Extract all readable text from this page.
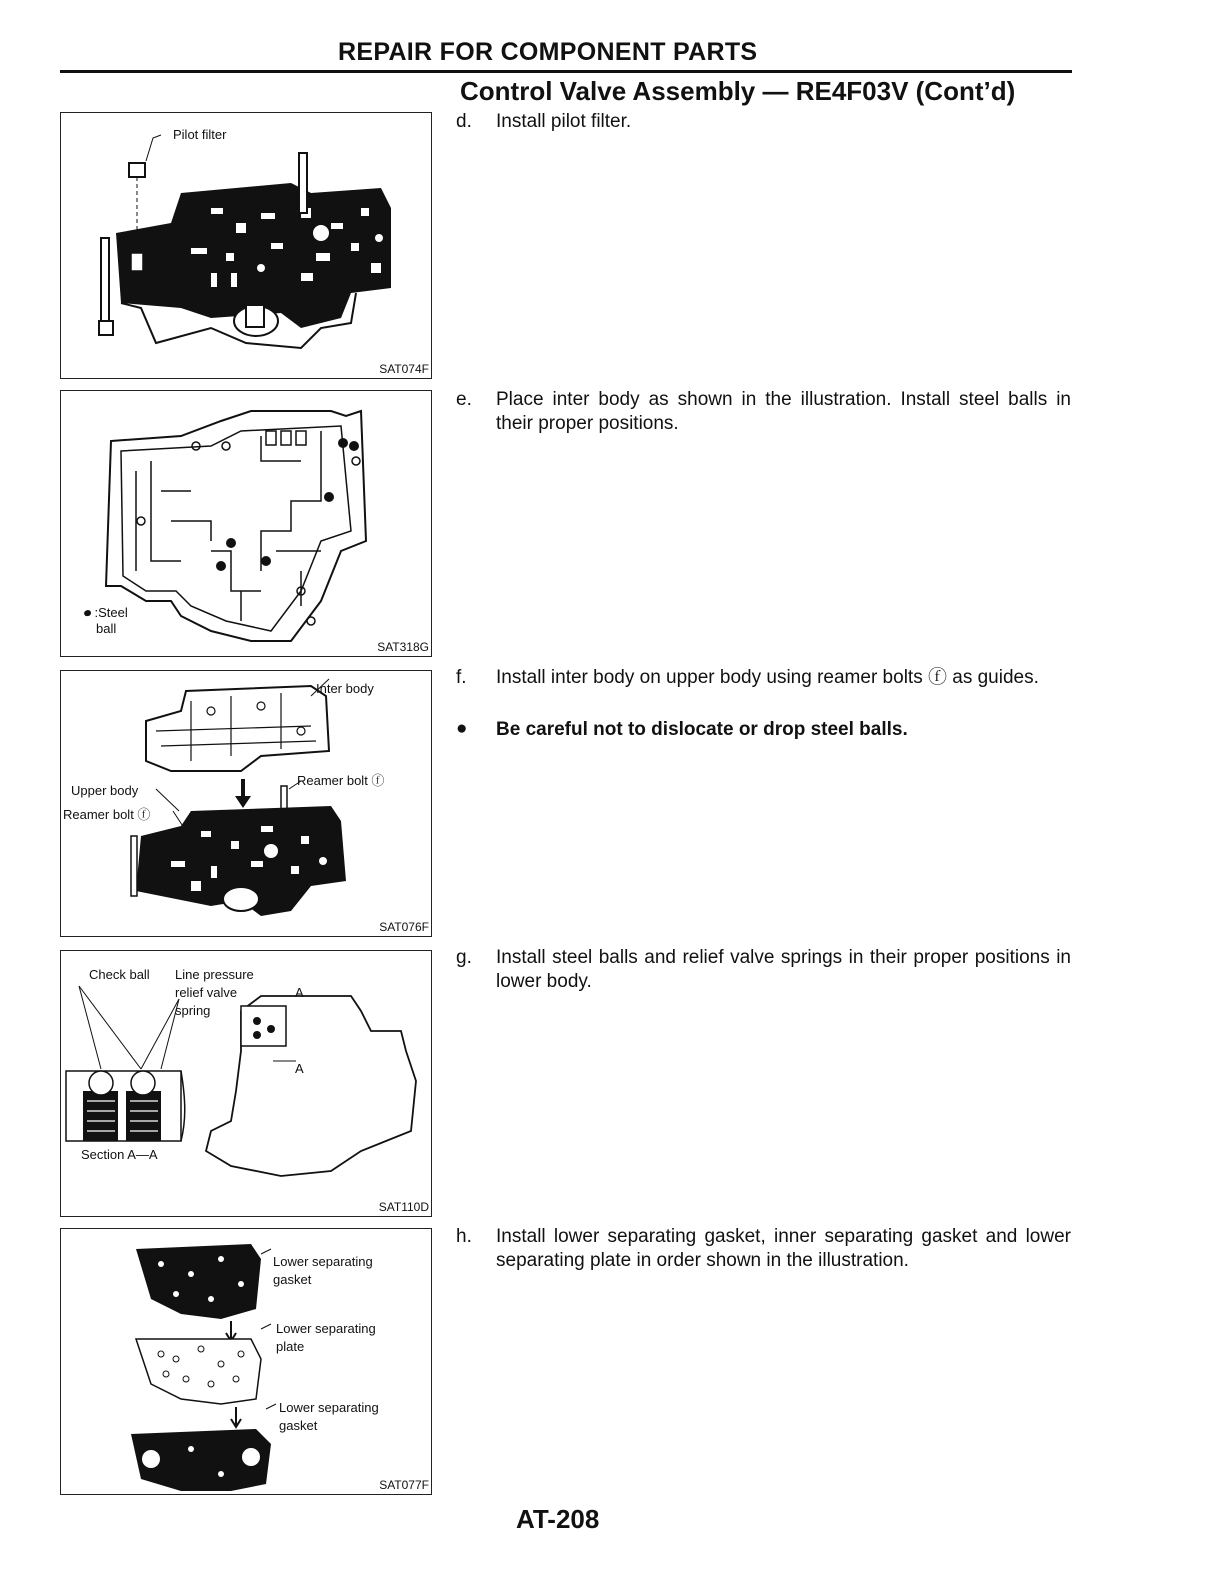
REPAIR FOR COMPONENT PARTS
Control Valve Assembly — RE4F03V (Cont’d)
Pilot filter
SAT074F
● :Steel
ball
SAT318G
Inter body
Reamer bolt ⓕ
Upper body
Reamer bolt ⓕ
SAT076F
Check ball Line pressure
relief valve
spring
A
A
Section A—A
SAT110D
Lower separating
gasket
Lower separating
plate
Lower separating
gasket
SAT077F
d. Install pilot filter.
e. Place inter body as shown in the illustration. Install steel balls in their proper positions.
f. Install inter body on upper body using reamer bolts ⓕ as guides.
● Be careful not to dislocate or drop steel balls.
g. Install steel balls and relief valve springs in their proper positions in lower body.
h. Install lower separating gasket, inner separating gasket and lower separating plate in order shown in the illustration.
AT-208
